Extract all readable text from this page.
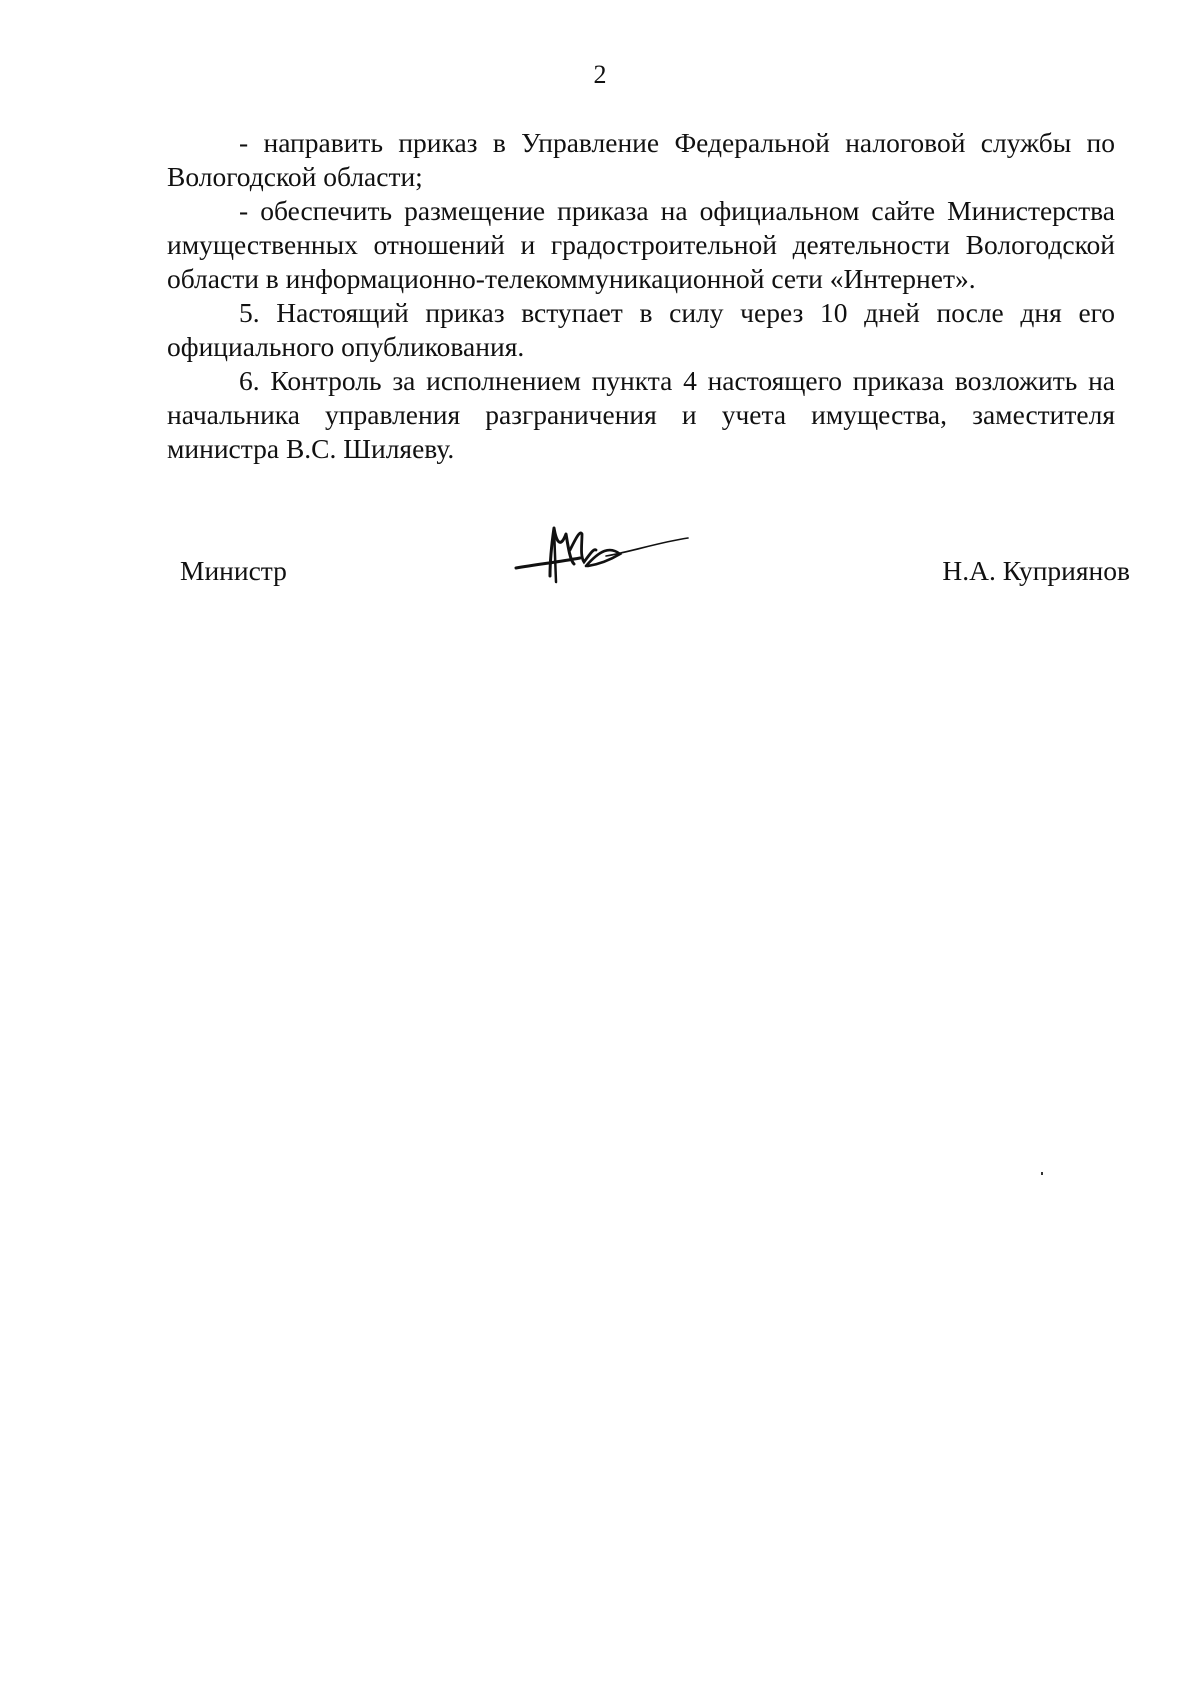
2

- направить приказ в Управление Федеральной налоговой службы по Вологодской области;

- обеспечить размещение приказа на официальном сайте Министерства имущественных отношений и градостроительной деятельности Вологодской области в информационно-телекоммуникационной сети «Интернет».

5. Настоящий приказ вступает в силу через 10 дней после дня его официального опубликования.

6. Контроль за исполнением пункта 4 настоящего приказа возложить на начальника управления разграничения и учета имущества, заместителя министра В.С. Шиляеву.

Министр	Н.А. Куприянов
